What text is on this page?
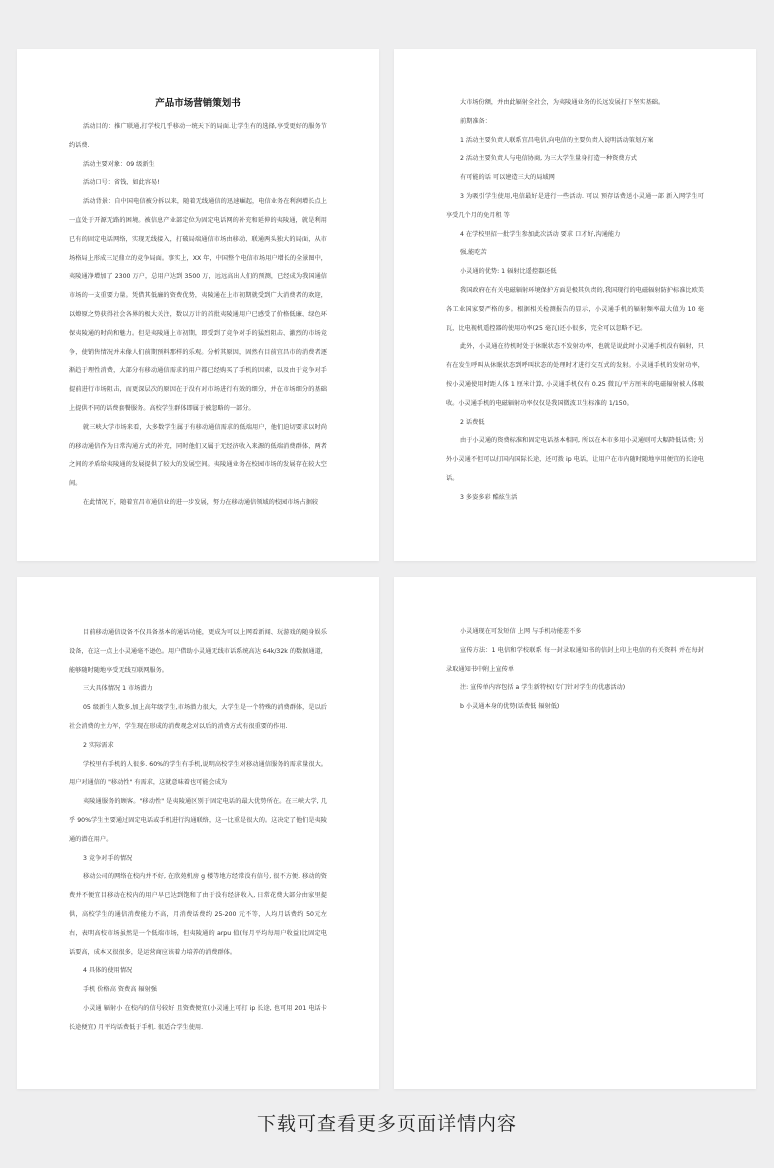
产品市场营销策划书

活动目的：推广联通,打学校几乎移动一统天下的局面.让学生有的选择,享受更好的服务节约话费.

活动主要对象：09 级新生

活动口号：省钱、如此容易!

活动背景：自中国电信被分拆以来，随着无线通信的迅速崛起，电信业务在利润增长点上一直处于开源无路的困境。被信息产业部定位为固定电话网的补充和延伸的夷陵通，就是利用已有的固定电话网络，实现无线接入，打破局端通信市场由移动、联通两头独大的局面，从市场格局上形成三足鼎立的竞争局面。事实上，XX 年，中国整个电信市场用户增长的全景图中，夷陵通净增加了 2300 万户，总用户达到 3500 万，远远高出人们的预测，已经成为我国通信市场的一支重要力量。凭借其低廉的资费优势，夷陵通在上市初期就受到广大消费者的欢迎，以燎原之势获得社会各界的极大关注，数以万计的首批夷陵通用户已感受了价格低廉、绿色环保夷陵通的时尚和魅力。但是夷陵通上市初期，即受到了竞争对手的猛烈阻击、激烈的市场竞争，使销售情况并未像人们前期预料那样的乐观。分析其原因，固然有目前宜昌市的消费者逐渐趋于理性消费，大部分有移动通信需求的用户都已经购买了手机的因素，以及由于竞争对手提前进行市场阻击，而更深层次的原因在于没有对市场进行有效的细分，并在市场细分的基础上提供不同的话费套餐服务。高校学生群体即属于被忽略的一部分。

就三峡大学市场来看，大多数学生属于有移动通信需求的低端用户，他们迫切要求以时尚的移动通信作为日常沟通方式的补充，同时他们又属于无经济收入来源的低端消费群体，两者之间的矛盾给夷陵通的发展提供了较大的发展空间。夷陵通业务在校园市场的发展存在较大空间。

在此情况下，随着宜昌市通信业的进一步发展，努力在移动通信领域的校园市场占据较

大市场份额，并由此辐射全社会，为夷陵通业务的长远发展打下坚实基础。

前期准备：

1 活动主要负责人联系宜昌电信,向电信的主要负责人说明活动策划方案

2 活动主要负责人与电信协商, 为三大学生量身打造一种资费方式

有可能的话 可以建造三大的局域网

3 为吸引学生使用,电信最好是进行一些活动. 可以 预存话费送小灵通一部 新入网学生可享受几个月的免月租 等

4 在学校里招一批学生参加此次活动 要求 口才好,沟通能力

强,能吃苦

小灵通的优势: 1 辐射比遥控器还低

我国政府在有关电磁辐射环境保护方面是极其负责的,我国现行的电磁辐射防护标准比欧美各工业国家要严格的多。根据相关检测报告的显示，小灵通手机的辐射频率最大值为 10 毫瓦，比电视机遥控器的使用功率(25 毫瓦)还小很多，完全可以忽略不记。

此外，小灵通在待机时处于休眠状态不发射功率，也就是说此时小灵通手机没有辐射，只有在发生呼叫从休眠状态到呼叫状态的处理时才进行交互式的发射。小灵通手机的发射功率，按小灵通使用时距人体 1 厘米计算, 小灵通手机仅有 0.25 微瓦/平方厘米的电磁辐射被人体吸收。小灵通手机的电磁辐射功率仅仅是我国微波卫生标准的 1/150。

2 话费低

由于小灵通的资费标准和固定电话基本相同, 所以在本市多用小灵通则可大幅降低话费; 另外小灵通不但可以打国内国际长途，还可拨 ip 电话，让用户在市内随时随地享用便宜的长途电话。

3 多姿多彩 酷炫生活

目前移动通信设备不仅具备基本的通话功能，更成为可以上网看新闻、玩游戏的随身娱乐设备，在这一点上小灵通毫不逊色。用户借助小灵通无线市话系统高达 64k/32k 的数据通道，能够随时随地享受无线互联网服务。

三大具体情况 1 市场潜力

05 级新生人数多,加上高年级学生,市场潜力很大，大学生是一个特殊的消费群体，是以后社会消费的主力军，学生现在形成的消费观念对以后的消费方式有很重要的作用.

2 实际需求

学校里有手机的人很多. 60%的学生有手机,说明高校学生对移动通信服务的需求量很大。用户对通信的 "移动性" 有需求，这就意味着也可能会成为

夷陵通服务的顾客。"移动性" 是夷陵通区别于固定电话的最大优势所在。在三峡大学, 几乎 90%学生主要通过固定电话或手机进行沟通联络，这一比重是很大的。这决定了他们是夷陵通的潜在用户。

3 竞争对手的情况

移动公司的网络在校内并不好, 在欣苑机房 g 楼等地方经常没有信号, 很不方便. 移动的资费并不便宜目移动在校内的用户早已达到饱和了由于没有经济收入, 日常花费大部分由家里提供，高校学生的通信消费能力不高，月消费话费约 25-200 元不等，人均月话费约 50元左右，表明高校市场虽然是一个低端市场，但夷陵通的 arpu 值(每月平均每用户收益)比固定电话要高，成本又很很多，是运营商应该着力培养的消费群体。

4 具体的使用情况

手机 价格高 资费高 辐射强

小灵通 辐射小 在校内的信号较好 且资费便宜(小灵通上可打 ip 长途, 也可用 201 电话卡 长途便宜) 月平均话费低于手机. 很适合学生使用.

小灵通现在可发短信 上网 与手机功能差不多

宣传方法：1 电信和学校联系 每一封录取通知书的信封上印上电信的有关资料 并在每封录取通知书中附上宣传单

注: 宣传单内容包括 a 学生新特权(专门针对学生的优惠活动)

b 小灵通本身的优势(话费低 辐射低)

下载可查看更多页面详情内容
